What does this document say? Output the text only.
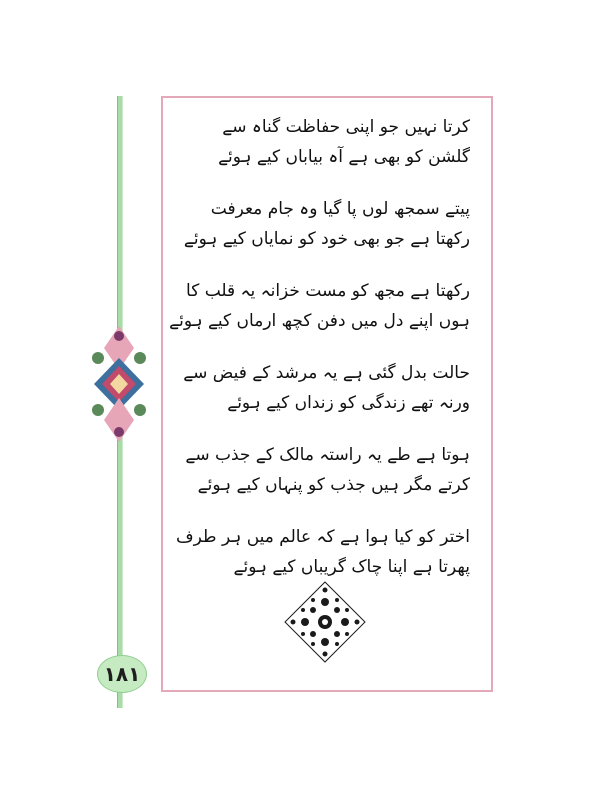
١٨١
کرتا نہیں جو اپنی حفاظت گناہ سے
گلشن کو بھی ہے آہ بیاباں کیے ہوئے
پیتے سمجھ لوں پا گیا وہ جام معرفت
رکھتا ہے جو بھی خود کو نمایاں کیے ہوئے
رکھتا ہے مجھ کو مست خزانہ یہ قلب کا
ہوں اپنے دل میں دفن کچھ ارماں کیے ہوئے
حالت بدل گئی ہے یہ مرشد کے فیض سے
ورنہ تھے زندگی کو زنداں کیے ہوئے
ہوتا ہے طے یہ راستہ مالک کے جذب سے
کرتے مگر ہیں جذب کو پنہاں کیے ہوئے
اختر کو کیا ہوا ہے کہ عالم میں ہر طرف
پھرتا ہے اپنا چاک گریباں کیے ہوئے
